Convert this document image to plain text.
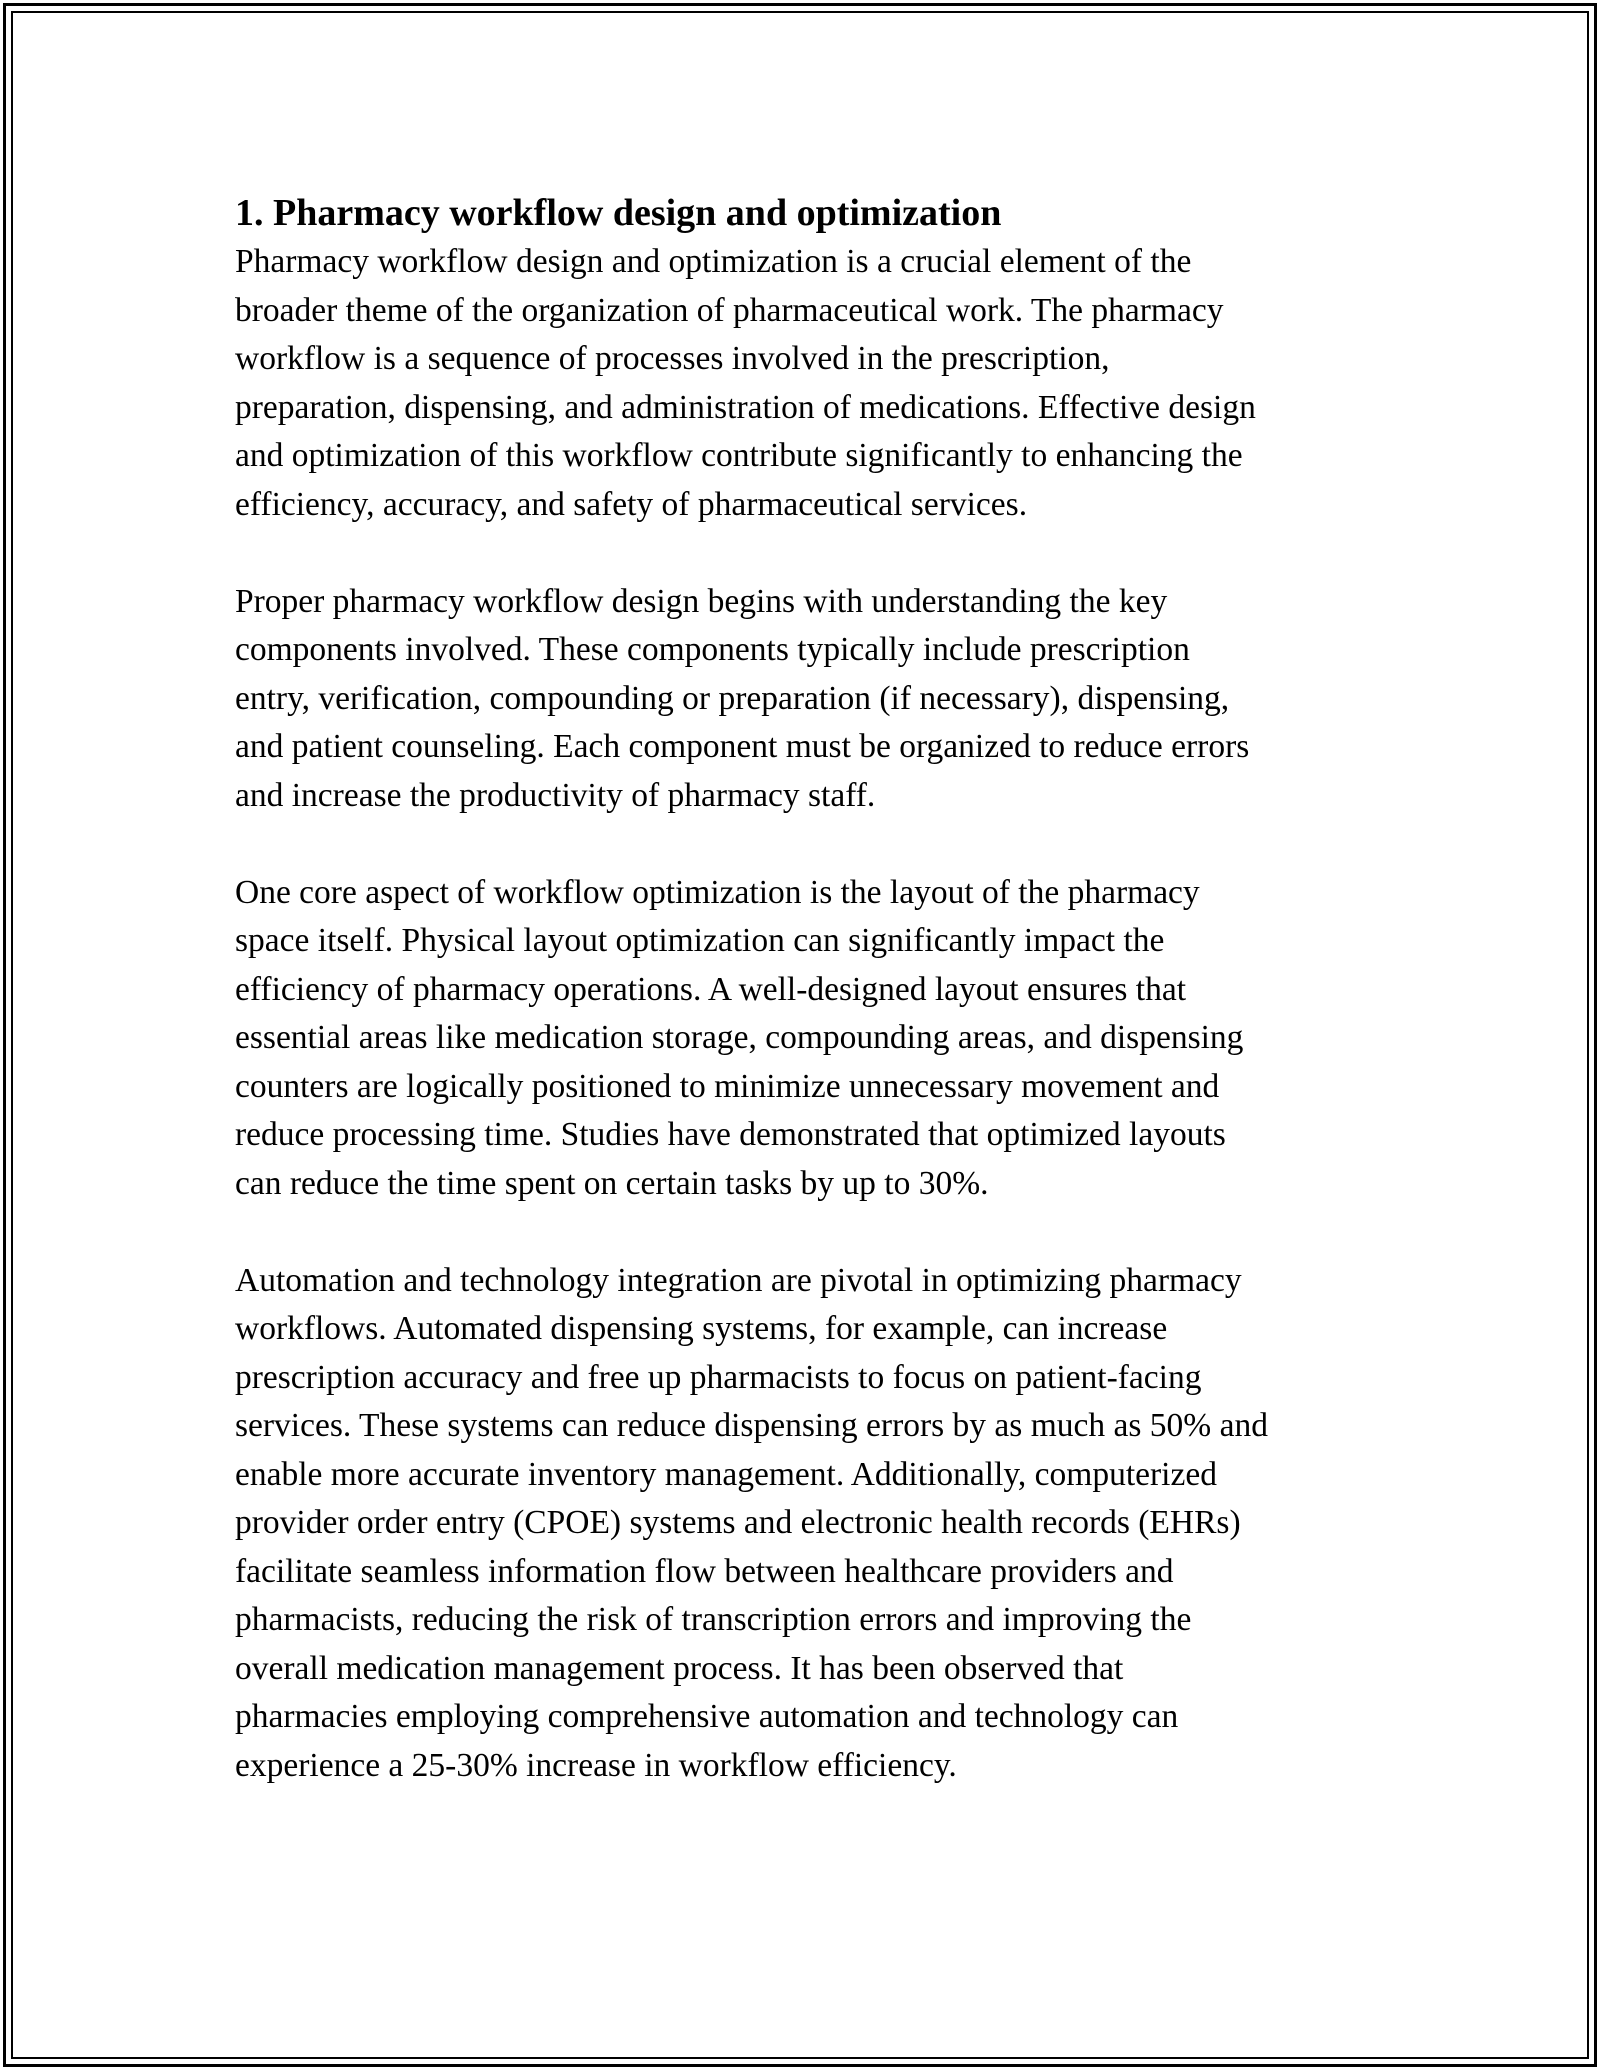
1. Pharmacy workflow design and optimization

Pharmacy workflow design and optimization is a crucial element of the
broader theme of the organization of pharmaceutical work. The pharmacy
workflow is a sequence of processes involved in the prescription,
preparation, dispensing, and administration of medications. Effective design
and optimization of this workflow contribute significantly to enhancing the
efficiency, accuracy, and safety of pharmaceutical services.

Proper pharmacy workflow design begins with understanding the key
components involved. These components typically include prescription
entry, verification, compounding or preparation (if necessary), dispensing,
and patient counseling. Each component must be organized to reduce errors
and increase the productivity of pharmacy staff.

One core aspect of workflow optimization is the layout of the pharmacy
space itself. Physical layout optimization can significantly impact the
efficiency of pharmacy operations. A well-designed layout ensures that
essential areas like medication storage, compounding areas, and dispensing
counters are logically positioned to minimize unnecessary movement and
reduce processing time. Studies have demonstrated that optimized layouts
can reduce the time spent on certain tasks by up to 30%.

Automation and technology integration are pivotal in optimizing pharmacy
workflows. Automated dispensing systems, for example, can increase
prescription accuracy and free up pharmacists to focus on patient-facing
services. These systems can reduce dispensing errors by as much as 50% and
enable more accurate inventory management. Additionally, computerized
provider order entry (CPOE) systems and electronic health records (EHRs)
facilitate seamless information flow between healthcare providers and
pharmacists, reducing the risk of transcription errors and improving the
overall medication management process. It has been observed that
pharmacies employing comprehensive automation and technology can
experience a 25-30% increase in workflow efficiency.
